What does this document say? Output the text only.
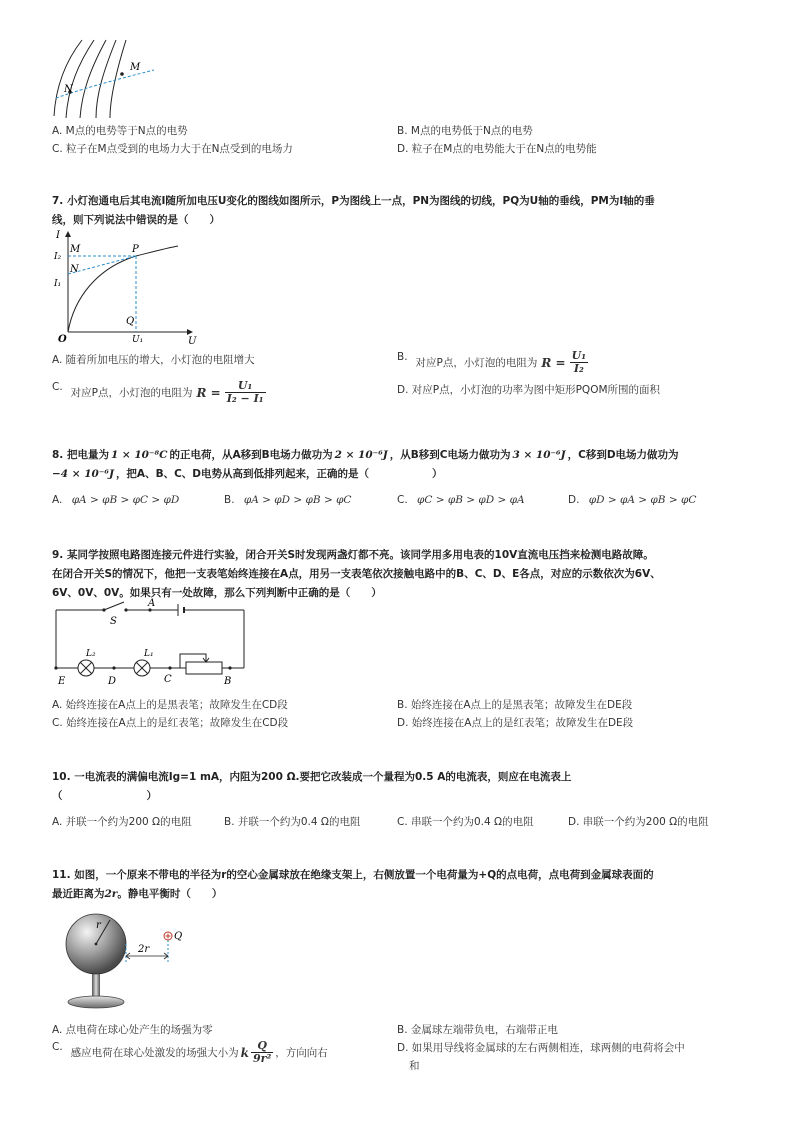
N
M
A. M点的电势等于N点的电势	B. M点的电势低于N点的电势
C. 粒子在M点受到的电场力大于在N点受到的电场力	D. 粒子在M点的电势能大于在N点的电势能
7. 小灯泡通电后其电流I随所加电压U变化的图线如图所示，P为图线上一点，PN为图线的切线，PQ为U轴的垂线，PM为I轴的垂
线，则下列说法中错误的是（　　）
I
U
O
M
I₂
N
I₁
P
Q
U₁
A. 随着所加电压的增大，小灯泡的电阻增大	B. 对应P点，小灯泡的电阻为 $R = \frac{\text{U₁}}{\text{I₂}}$
C. 对应P点，小灯泡的电阻为 $R = \frac{\text{U₁}}{\text{I₂ − I₁}}$	D. 对应P点，小灯泡的功率为图中矩形PQOM所围的面积
8. 把电量为 1 × 10⁻⁸C 的正电荷，从A移到B电场力做功为 2 × 10⁻⁶J ，从B移到C电场力做功为 3 × 10⁻⁶J ，C移到D电场力做功为
−4 × 10⁻⁶J ，把A、B、C、D电势从高到低排列起来，正确的是（　　　　　　）
A. φA > φB > φC > φD	B. φA > φD > φB > φC	C. φC > φB > φD > φA	D. φD > φA > φB > φC
9. 某同学按照电路图连接元件进行实验，闭合开关S时发现两盏灯都不亮。该同学用多用电表的10V直流电压挡来检测电路故障。
在闭合开关S的情况下，他把一支表笔始终连接在A点，用另一支表笔依次接触电路中的B、C、D、E各点，对应的示数依次为6V、
6V、0V、0V。如果只有一处故障，那么下列判断中正确的是（　　）
S
A
L₂	L₁
C
E	D	B
A. 始终连接在A点上的是黑表笔；故障发生在CD段	B. 始终连接在A点上的是黑表笔；故障发生在DE段
C. 始终连接在A点上的是红表笔；故障发生在CD段	D. 始终连接在A点上的是红表笔；故障发生在DE段
10. 一电流表的满偏电流Ig=1 mA，内阻为200 Ω.要把它改装成一个量程为0.5 A的电流表，则应在电流表上
（　　　　　　　　）
A. 并联一个约为200 Ω的电阻	B. 并联一个约为0.4 Ω的电阻	C. 串联一个约为0.4 Ω的电阻	D. 串联一个约为200 Ω的电阻
11. 如图，一个原来不带电的半径为r的空心金属球放在绝缘支架上，右侧放置一个电荷量为+Q的点电荷，点电荷到金属球表面的
最近距离为2r。静电平衡时（　　）
r
2r
Q
A. 点电荷在球心处产生的场强为零	B. 金属球左端带负电，右端带正电
C. 感应电荷在球心处激发的场强大小为 k $\frac{Q}{\text{9r²}}$ ，方向向右	D. 如果用导线将金属球的左右两侧相连，球两侧的电荷将会中
和
